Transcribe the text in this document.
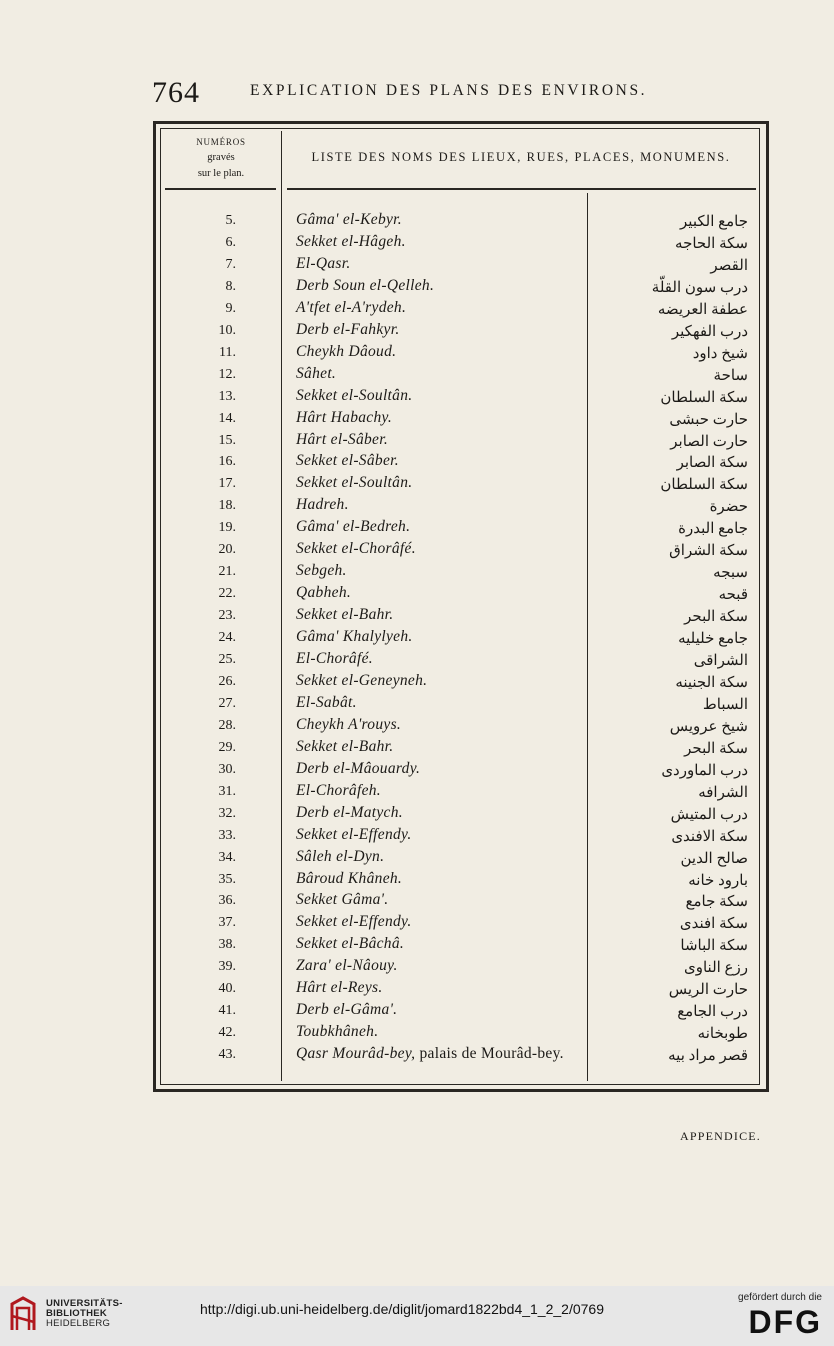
764	EXPLICATION DES PLANS DES ENVIRONS.
NUMÉROS
gravés
sur le plan.
LISTE DES NOMS DES LIEUX, RUES, PLACES, MONUMENS.
5.	Gâma' el-Kebyr.	جامع الكبير
6.	Sekket el-Hâgeh.	سكة الحاجه
7.	El-Qasr.	القصر
8.	Derb Soun el-Qelleh.	درب سون القلّة
9.	A'tfet el-A'rydeh.	عطفة العريضه
10.	Derb el-Fahkyr.	درب الفهكير
11.	Cheykh Dâoud.	شيخ داود
12.	Sâhet.	ساحة
13.	Sekket el-Soultân.	سكة السلطان
14.	Hârt Habachy.	حارت حبشى
15.	Hârt el-Sâber.	حارت الصابر
16.	Sekket el-Sâber.	سكة الصابر
17.	Sekket el-Soultân.	سكة السلطان
18.	Hadreh.	حضرة
19.	Gâma' el-Bedreh.	جامع البدرة
20.	Sekket el-Chorâfé.	سكة الشراق
21.	Sebgeh.	سبجه
22.	Qabheh.	قبحه
23.	Sekket el-Bahr.	سكة البحر
24.	Gâma' Khalylyeh.	جامع خليليه
25.	El-Chorâfé.	الشراقى
26.	Sekket el-Geneyneh.	سكة الجنينه
27.	El-Sabât.	السباط
28.	Cheykh A'rouys.	شيخ عرويس
29.	Sekket el-Bahr.	سكة البحر
30.	Derb el-Mâouardy.	درب الماوردى
31.	El-Chorâfeh.	الشرافه
32.	Derb el-Matych.	درب المتيش
33.	Sekket el-Effendy.	سكة الافندى
34.	Sâleh el-Dyn.	صالح الدين
35.	Bâroud Khâneh.	بارود خانه
36.	Sekket Gâma'.	سكة جامع
37.	Sekket el-Effendy.	سكة افندى
38.	Sekket el-Bâchâ.	سكة الباشا
39.	Zara' el-Nâouy.	رزع الناوى
40.	Hârt el-Reys.	حارت الريس
41.	Derb el-Gâma'.	درب الجامع
42.	Toubkhâneh.	طوبخانه
43.	Qasr Mourâd-bey, palais de Mourâd-bey.	قصر مراد بيه
APPENDICE.
UNIVERSITÄTS-
BIBLIOTHEK
HEIDELBERG
http://digi.ub.uni-heidelberg.de/diglit/jomard1822bd4_1_2_2/0769
gefördert durch die
DFG
